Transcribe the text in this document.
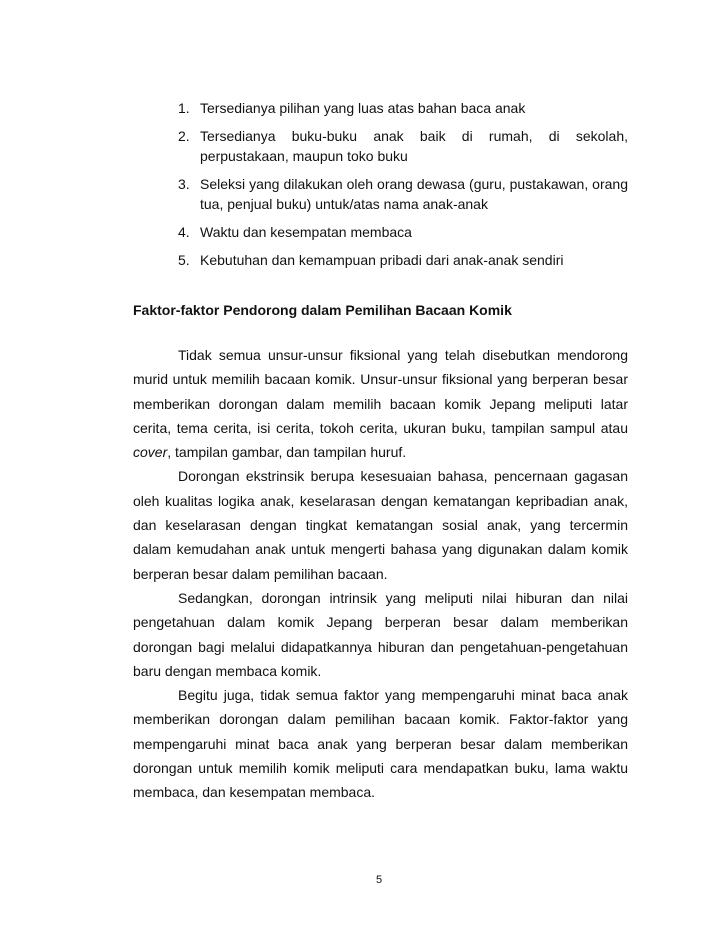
1. Tersedianya pilihan yang luas atas bahan baca anak
2. Tersedianya buku-buku anak baik di rumah, di sekolah, perpustakaan, maupun toko buku
3. Seleksi yang dilakukan oleh orang dewasa (guru, pustakawan, orang tua, penjual buku) untuk/atas nama anak-anak
4. Waktu dan kesempatan membaca
5. Kebutuhan dan kemampuan pribadi dari anak-anak sendiri
Faktor-faktor Pendorong dalam Pemilihan Bacaan Komik

Tidak semua unsur-unsur fiksional yang telah disebutkan mendorong murid untuk memilih bacaan komik. Unsur-unsur fiksional yang berperan besar memberikan dorongan dalam memilih bacaan komik Jepang meliputi latar cerita, tema cerita, isi cerita, tokoh cerita, ukuran buku, tampilan sampul atau cover, tampilan gambar, dan tampilan huruf.

Dorongan ekstrinsik berupa kesesuaian bahasa, pencernaan gagasan oleh kualitas logika anak, keselarasan dengan kematangan kepribadian anak, dan keselarasan dengan tingkat kematangan sosial anak, yang tercermin dalam kemudahan anak untuk mengerti bahasa yang digunakan dalam komik berperan besar dalam pemilihan bacaan.

Sedangkan, dorongan intrinsik yang meliputi nilai hiburan dan nilai pengetahuan dalam komik Jepang berperan besar dalam memberikan dorongan bagi melalui didapatkannya hiburan dan pengetahuan-pengetahuan baru dengan membaca komik.

Begitu juga, tidak semua faktor yang mempengaruhi minat baca anak memberikan dorongan dalam pemilihan bacaan komik. Faktor-faktor yang mempengaruhi minat baca anak yang berperan besar dalam memberikan dorongan untuk memilih komik meliputi cara mendapatkan buku, lama waktu membaca, dan kesempatan membaca.

5
